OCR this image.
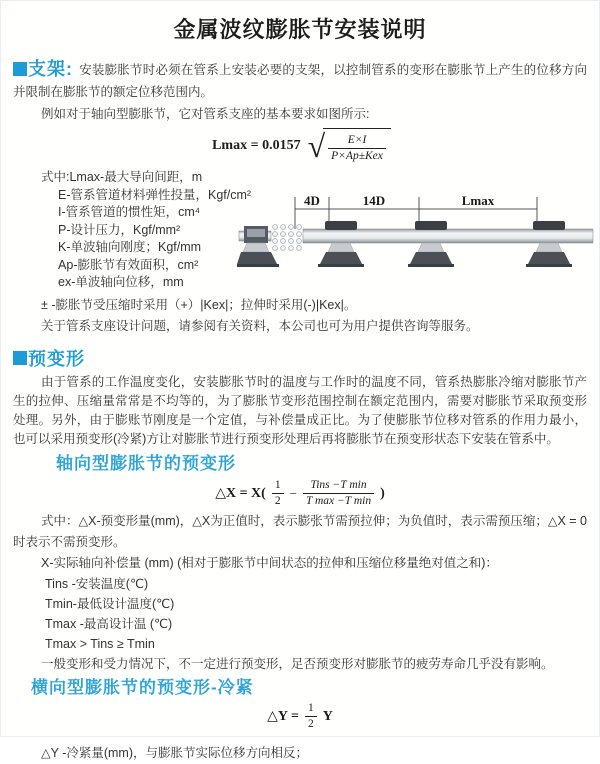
金属波纹膨胀节安装说明

支架: 安装膨胀节时必须在管系上安装必要的支架，以控制管系的变形在膨胀节上产生的位移方向并限制在膨胀节的额定位移范围内。

例如对于轴向型膨胀节，它对管系支座的基本要求如图所示:

Lmax = 0.0157 √ $\frac{E\times I}{\text{P×Ap±Kex}}$
式中:Lmax-最大导向间距，m
E-管系管道材料弹性投量，Kgf/cm²
I-管系管道的惯性矩，cm⁴
P-设计压力，Kgf/mm²
K-单波轴向刚度；Kgf/mm
Ap-膨胀节有效面积，cm²
ex-单波轴向位移，mm
4D	14D	Lmax

± -膨胀节受压缩时采用（+）|Kex|；拉伸时采用(-)|Kex|。

关于管系支座设计问题，请参阅有关资料，本公司也可为用户提供咨询等服务。

预变形

由于管系的工作温度变化，安装膨胀节时的温度与工作时的温度不同，管系热膨胀冷缩对膨胀节产生的拉伸、压缩量常常是不均等的，为了膨胀节变形范围控制在额定范围内，需要对膨胀节采取预变形处理。另外，由于膨账节刚度是一个定值，与补偿量成正比。为了使膨胀节位移对管系的作用力最小，也可以采用预变形(冷紧)方让对膨胀节进行预变形处理后再将膨胀节在预变形状态下安装在管系中。

轴向型膨胀节的预变形
△X = $X( \frac{1}{2} - \frac{\text{Tins −T min}}{\text{T max −T min}}$ )

式中：△X-预变形量(mm)，△X为正值时，表示膨张节需预拉伸；为负值时，表示需预压缩；△X = 0时表示不需预变形。

X-实际轴向补偿量 (mm) (相对于膨胀节中间状态的拉伸和压缩位移量绝对值之和)：

Tins -安装温度(℃)
Tmin-最低设计温度(℃)
Tmax -最高设计温 (℃)
Tmax > Tins ≥ Tmin

一般变形和受力情况下，不一定进行预变形，足否预变形对膨胀节的疲劳寿命几乎没有影响。

横向型膨胀节的预变形-冷紧
△Y = $\frac{1}{2}$ Y

△Y -冷紧量(mm)，与膨胀节实际位移方向相反；
